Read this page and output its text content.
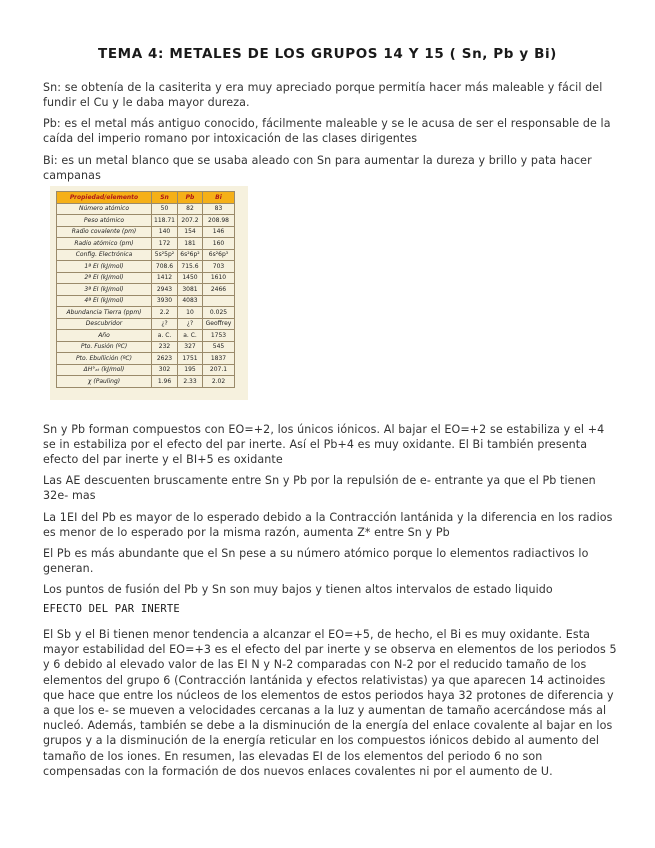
TEMA 4: METALES DE LOS GRUPOS 14 Y 15 ( Sn, Pb y Bi)

Sn: se obtenía de la casiterita y era muy apreciado porque permitía hacer más maleable y fácil del fundir el Cu y le daba mayor dureza.

Pb: es el metal más antiguo conocido, fácilmente maleable y se le acusa de ser el responsable de la caída del imperio romano por intoxicación de las clases dirigentes

Bi: es un metal blanco que se usaba aleado con Sn para aumentar la dureza y brillo y pata hacer campanas

Propiedad/elemento	Sn	Pb	Bi
Número atómico	50	82	83
Peso atómico	118.71	207.2	208.98
Radio covalente (pm)	140	154	146
Radio atómico (pm)	172	181	160
Config. Electrónica	5s²5p²	6s²6p²	6s²6p³
1ª EI (kJ/mol)	708.6	715.6	703
2ª EI (kJ/mol)	1412	1450	1610
3ª EI (kJ/mol)	2943	3081	2466
4ª EI (kJ/mol)	3930	4083	
Abundancia Tierra (ppm)	2.2	10	0.025
Descubridor	¿?	¿?	Geoffrey
Año	a. C.	a. C.	1753
Pto. Fusión (ºC)	232	327	545
Pto. Ebullición (ºC)	2623	1751	1837
ΔH°ₐₜ (kJ/mol)	302	195	207.1
χ (Pauling)	1.96	2.33	2.02

Sn y Pb forman compuestos con EO=+2, los únicos iónicos. Al bajar el EO=+2 se estabiliza y el +4 se in estabiliza por el efecto del par inerte. Así el Pb+4 es muy oxidante. El Bi también presenta efecto del par inerte y el BI+5 es oxidante

Las AE descuenten bruscamente entre Sn y Pb por la repulsión de e- entrante ya que el Pb tienen 32e- mas

La 1EI del Pb es mayor de lo esperado debido a la Contracción lantánida y la diferencia en los radios es menor de lo esperado por la misma razón, aumenta Z* entre Sn y Pb

El Pb es más abundante que el Sn pese a su número atómico porque lo elementos radiactivos lo generan.

Los puntos de fusión del Pb y Sn son muy bajos y tienen altos intervalos de estado liquido

EFECTO DEL PAR INERTE

El Sb y el Bi tienen menor tendencia a alcanzar el EO=+5, de hecho, el Bi es muy oxidante. Esta mayor estabilidad del EO=+3 es el efecto del par inerte y se observa en elementos de los periodos 5 y 6 debido al elevado valor de las EI N y N-2 comparadas con N-2 por el reducido tamaño de los elementos del grupo 6 (Contracción lantánida y efectos relativistas) ya que aparecen 14 actinoides que hace que entre los núcleos de los elementos de estos periodos haya 32 protones de diferencia y a que los e- se mueven a velocidades cercanas a la luz y aumentan de tamaño acercándose más al nucleó. Además, también se debe a la disminución de la energía del enlace covalente al bajar en los grupos y a la disminución de la energía reticular en los compuestos iónicos debido al aumento del tamaño de los iones. En resumen, las elevadas EI de los elementos del periodo 6 no son compensadas con la formación de dos nuevos enlaces covalentes ni por el aumento de U.
